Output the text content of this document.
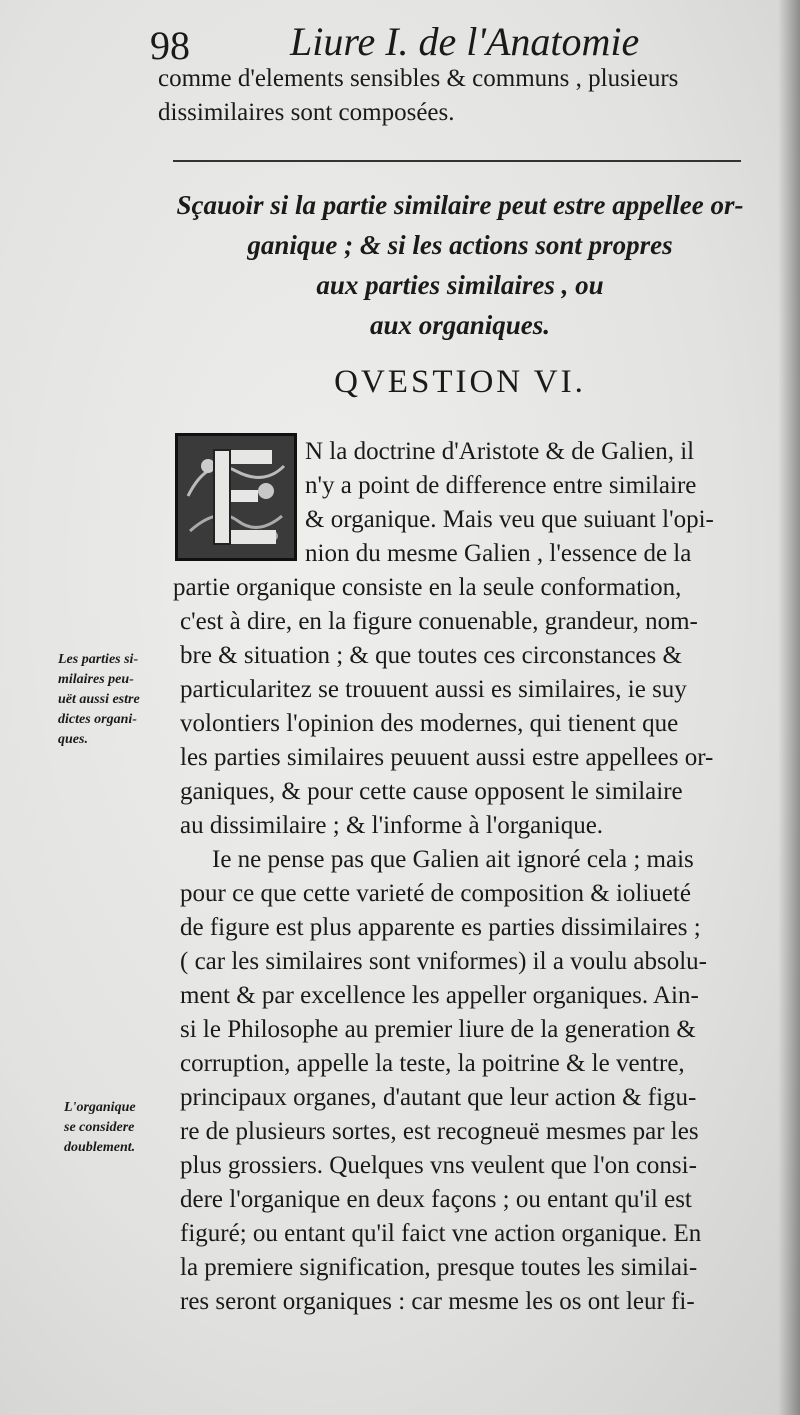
98	Liure I. de l'Anatomie

comme d'elements sensibles & communs , plusieurs dissimilaires sont composées.

Sçauoir si la partie similaire peut estre appellee or-
ganique ; & si les actions sont propres
aux parties similaires , ou
aux organiques.
QVESTION VI.
N la doctrine d'Aristote & de Galien, il
n'y a point de difference entre similaire
& organique. Mais veu que suiuant l'opi-
nion du mesme Galien , l'essence de la
partie organique consiste en la seule conformation,
c'est à dire, en la figure conuenable, grandeur, nom-
bre & situation ; & que toutes ces circonstances &
particularitez se trouuent aussi es similaires, ie suy
volontiers l'opinion des modernes, qui tienent que
les parties similaires peuuent aussi estre appellees or-
ganiques, & pour cette cause opposent le similaire
au dissimilaire ; & l'informe à l'organique.
Ie ne pense pas que Galien ait ignoré cela ; mais
pour ce que cette varieté de composition & ioliueté
de figure est plus apparente es parties dissimilaires ;
( car les similaires sont vniformes) il a voulu absolu-
ment & par excellence les appeller organiques. Ain-
si le Philosophe au premier liure de la generation &
corruption, appelle la teste, la poitrine & le ventre,
principaux organes, d'autant que leur action & figu-
re de plusieurs sortes, est recogneuë mesmes par les
plus grossiers. Quelques vns veulent que l'on consi-
dere l'organique en deux façons ; ou entant qu'il est
figuré; ou entant qu'il faict vne action organique. En
la premiere signification, presque toutes les similai-
res seront organiques : car mesme les os ont leur fi-
Les parties si-
milaires peu-
uët aussi estre
dictes organi-
ques.
L'organique
se considere
doublement.
